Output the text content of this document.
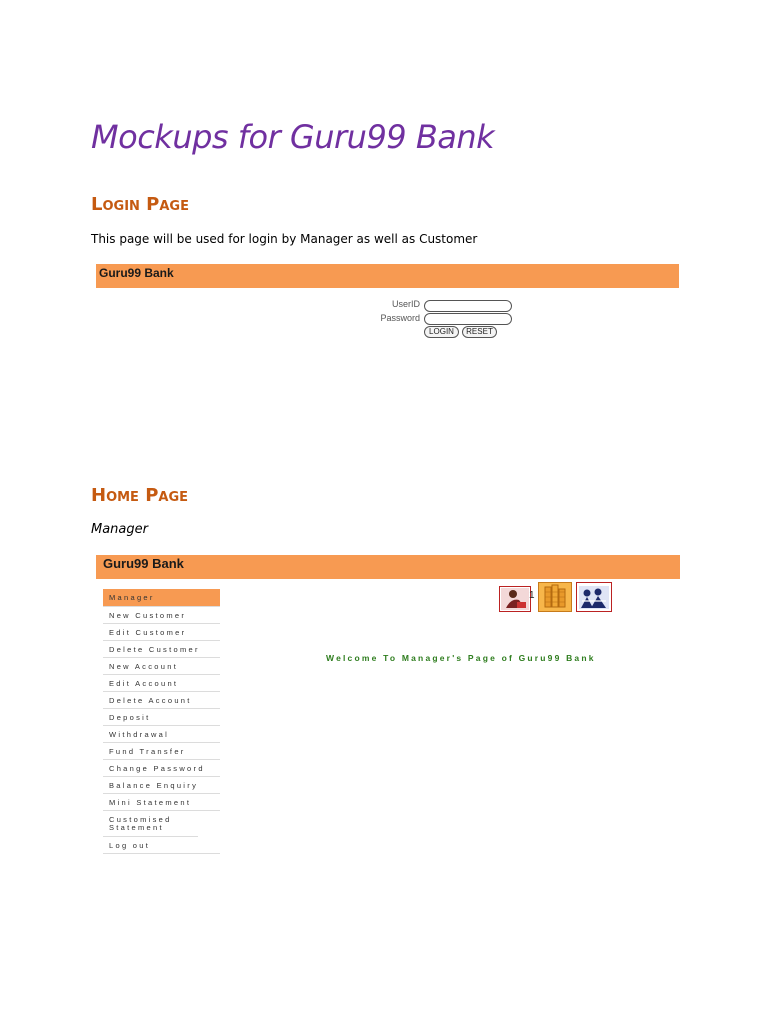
Mockups for Guru99 Bank
Login Page
This page will be used for login by Manager as well as Customer
Guru99 Bank
UserID
Password
LOGIN	RESET
Home Page
Manager
Guru99 Bank
Manager
New Customer
Edit Customer
Delete Customer
New Account
Edit Account
Delete Account
Deposit
Withdrawal
Fund Transfer
Change Password
Balance Enquiry
Mini Statement
Customised Statement
Log out
1
Welcome To Manager's Page of Guru99 Bank
